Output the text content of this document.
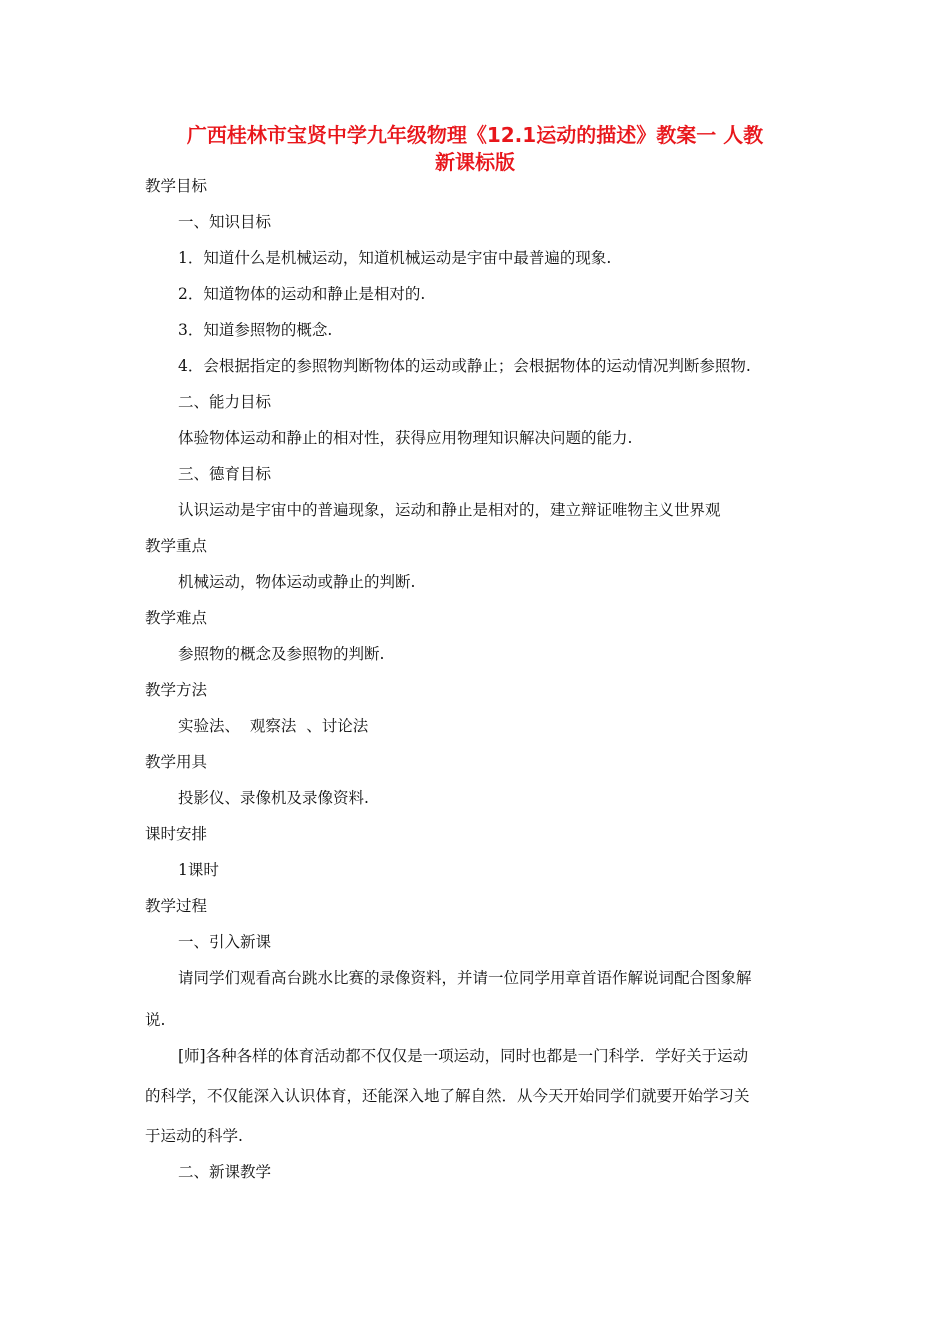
广西桂林市宝贤中学九年级物理《12.1运动的描述》教案一 人教
新课标版

教学目标

一、知识目标

1．知道什么是机械运动，知道机械运动是宇宙中最普遍的现象.

2．知道物体的运动和静止是相对的.

3．知道参照物的概念.

4．会根据指定的参照物判断物体的运动或静止；会根据物体的运动情况判断参照物.

二、能力目标

体验物体运动和静止的相对性，获得应用物理知识解决问题的能力.

三、德育目标

认识运动是宇宙中的普遍现象，运动和静止是相对的，建立辩证唯物主义世界观

教学重点

机械运动，物体运动或静止的判断.

教学难点

参照物的概念及参照物的判断.

教学方法

实验法、  观察法  、讨论法

教学用具

投影仪、录像机及录像资料.

课时安排

1课时

教学过程

一、引入新课

请同学们观看高台跳水比赛的录像资料，并请一位同学用章首语作解说词配合图象解

说.

[师]各种各样的体育活动都不仅仅是一项运动，同时也都是一门科学．学好关于运动

的科学，不仅能深入认识体育，还能深入地了解自然．从今天开始同学们就要开始学习关

于运动的科学.

二、新课教学
